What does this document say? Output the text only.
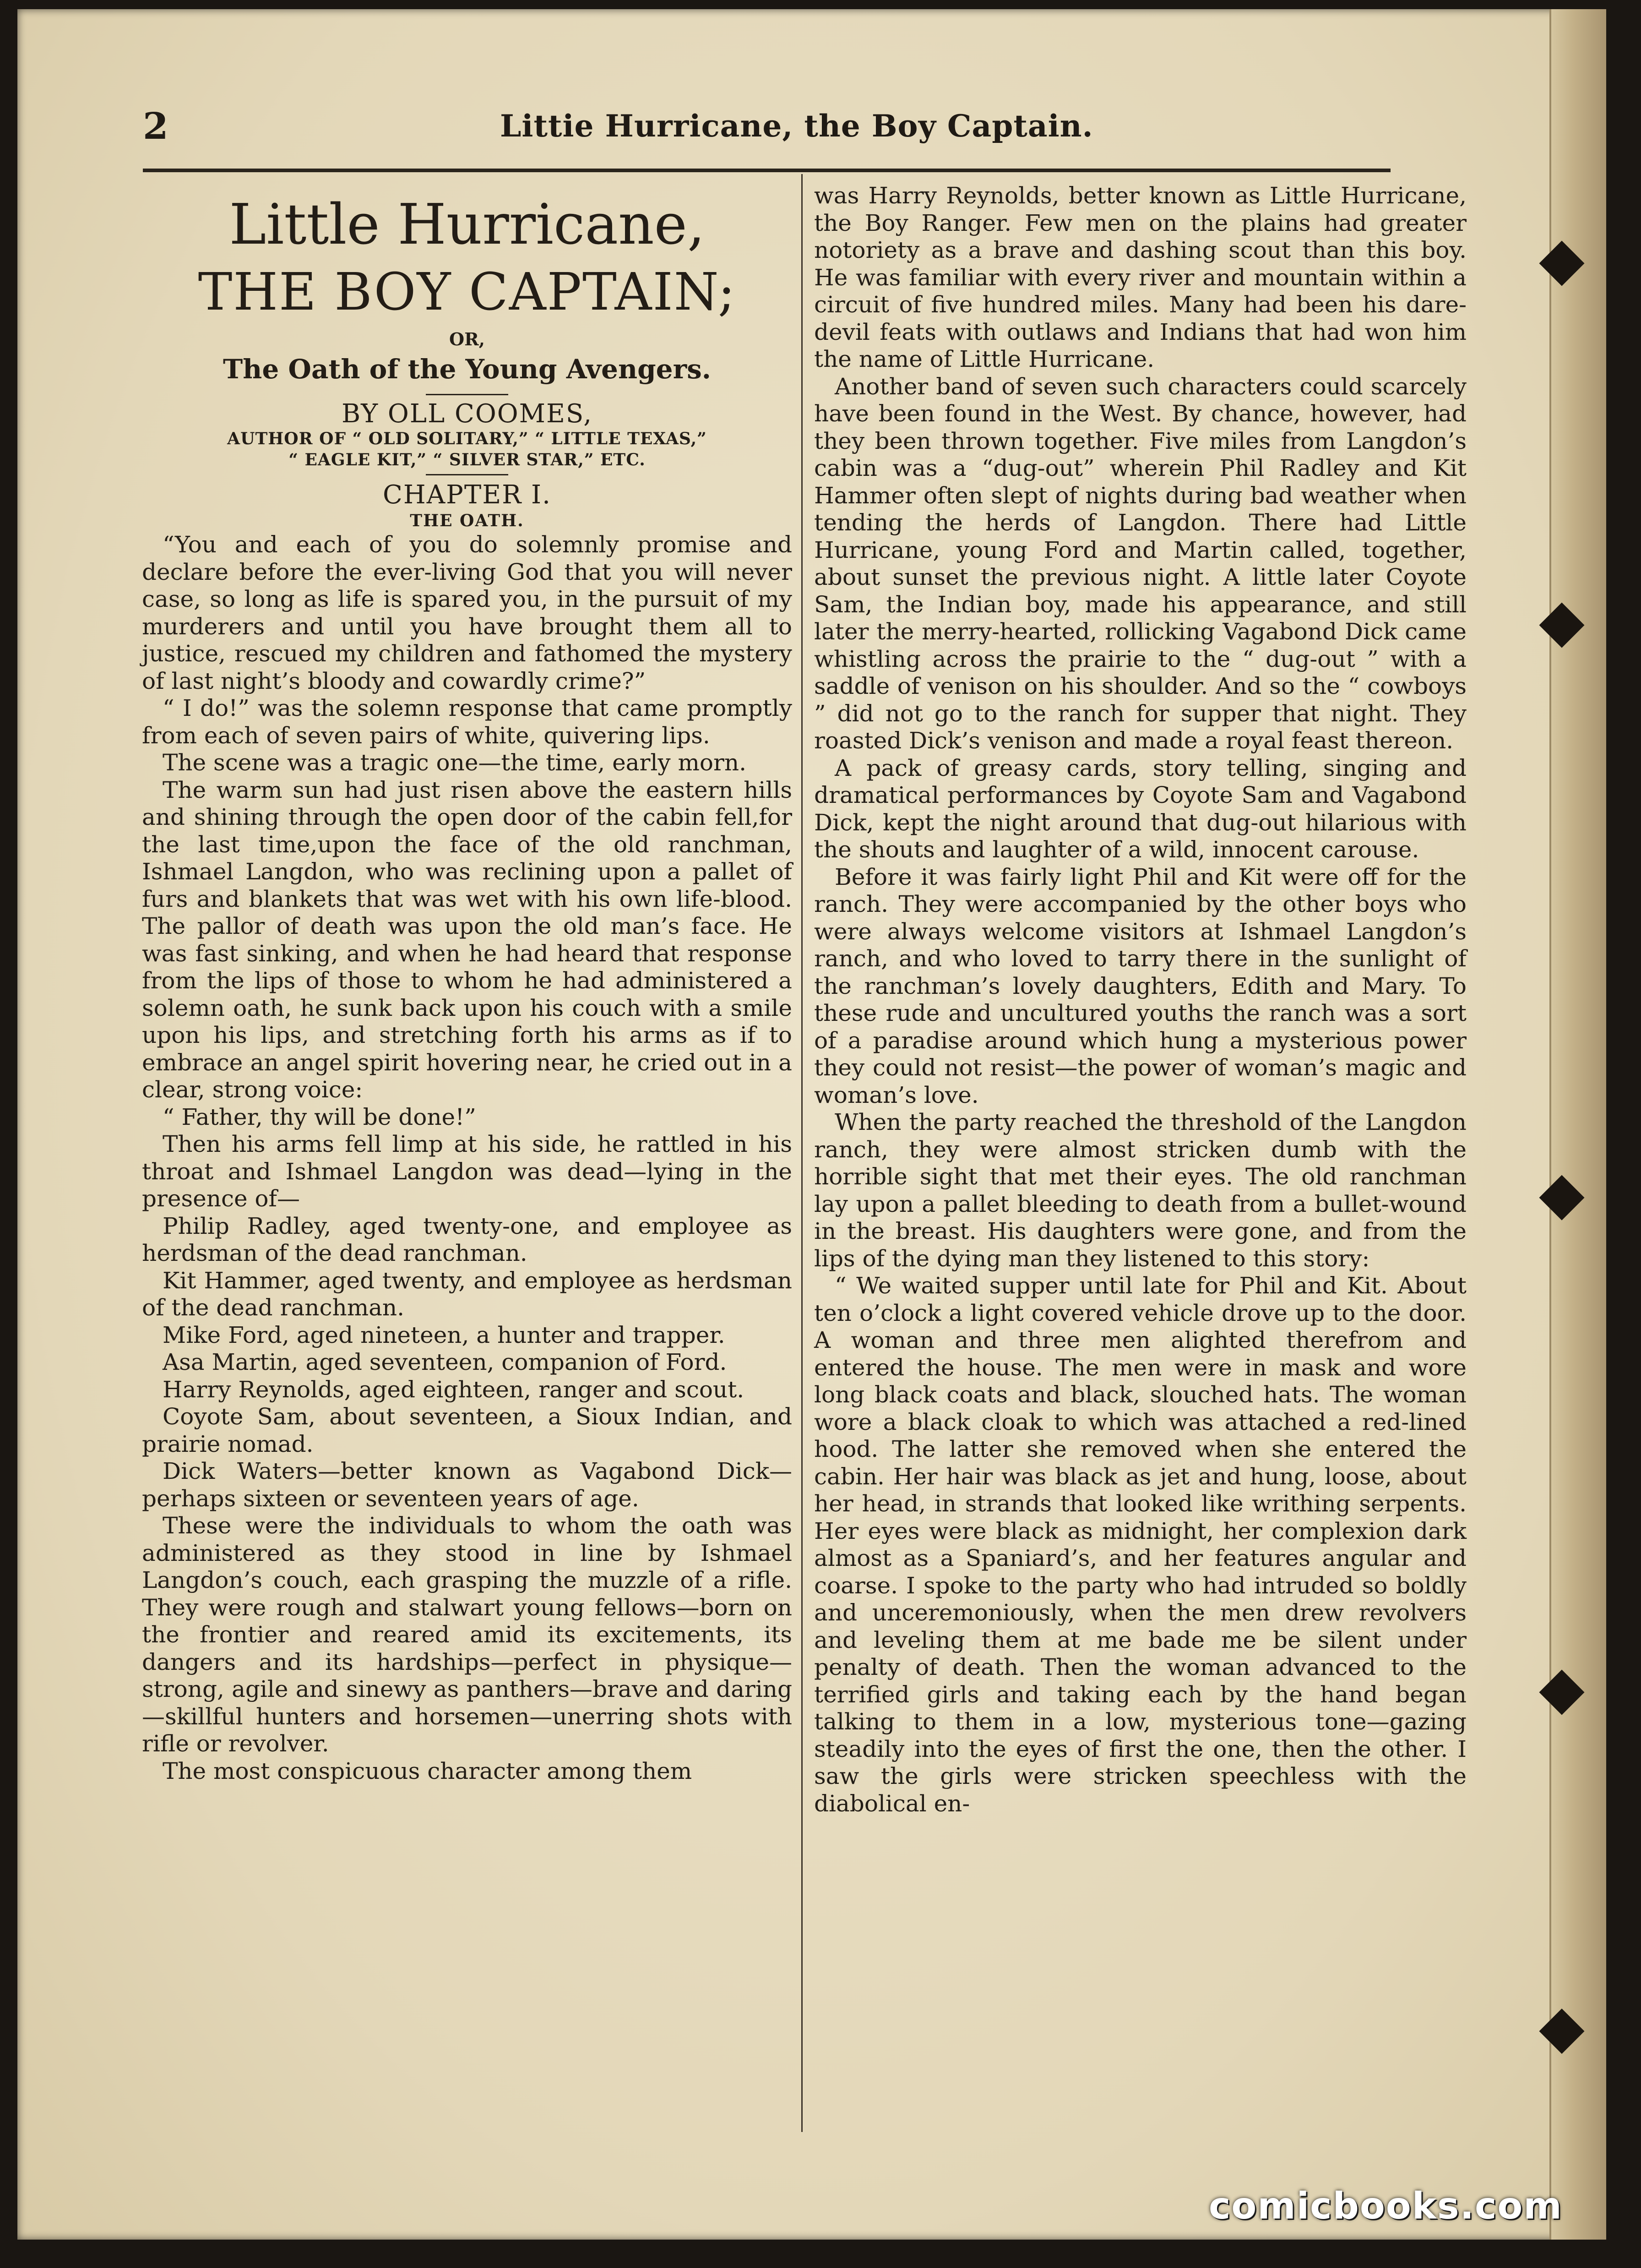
2	Littie Hurricane, the Boy Captain.
Little Hurricane,
THE BOY CAPTAIN;
OR,
The Oath of the Young Avengers.
BY OLL COOMES,
AUTHOR OF “ OLD SOLITARY,” “ LITTLE TEXAS,”
“ EAGLE KIT,” “ SILVER STAR,” ETC.
CHAPTER I.
THE OATH.

“You and each of you do solemnly promise and declare before the ever-living God that you will never case, so long as life is spared you, in the pursuit of my murderers and until you have brought them all to justice, rescued my children and fathomed the mystery of last night’s bloody and cowardly crime?”

“ I do!” was the solemn response that came promptly from each of seven pairs of white, quivering lips.

The scene was a tragic one—the time, early morn.

The warm sun had just risen above the eastern hills and shining through the open door of the cabin fell,for the last time,upon the face of the old ranchman, Ishmael Langdon, who was reclining upon a pallet of furs and blankets that was wet with his own life-blood. The pallor of death was upon the old man’s face. He was fast sinking, and when he had heard that response from the lips of those to whom he had administered a solemn oath, he sunk back upon his couch with a smile upon his lips, and stretching forth his arms as if to embrace an angel spirit hovering near, he cried out in a clear, strong voice:

“ Father, thy will be done!”

Then his arms fell limp at his side, he rattled in his throat and Ishmael Langdon was dead—lying in the presence of—

Philip Radley, aged twenty-one, and employee as herdsman of the dead ranchman.

Kit Hammer, aged twenty, and employee as herdsman of the dead ranchman.

Mike Ford, aged nineteen, a hunter and trapper.

Asa Martin, aged seventeen, companion of Ford.

Harry Reynolds, aged eighteen, ranger and scout.

Coyote Sam, about seventeen, a Sioux Indian, and prairie nomad.

Dick Waters—better known as Vagabond Dick—perhaps sixteen or seventeen years of age.

These were the individuals to whom the oath was administered as they stood in line by Ishmael Langdon’s couch, each grasping the muzzle of a rifle. They were rough and stalwart young fellows—born on the frontier and reared amid its excitements, its dangers and its hardships—perfect in physique—strong, agile and sinewy as panthers—brave and daring—skillful hunters and horsemen—unerring shots with rifle or revolver.

The most conspicuous character among them

was Harry Reynolds, better known as Little Hurricane, the Boy Ranger. Few men on the plains had greater notoriety as a brave and dashing scout than this boy. He was familiar with every river and mountain within a circuit of five hundred miles. Many had been his dare-devil feats with outlaws and Indians that had won him the name of Little Hurricane.

Another band of seven such characters could scarcely have been found in the West. By chance, however, had they been thrown together. Five miles from Langdon’s cabin was a “dug-out” wherein Phil Radley and Kit Hammer often slept of nights during bad weather when tending the herds of Langdon. There had Little Hurricane, young Ford and Martin called, together, about sunset the previous night. A little later Coyote Sam, the Indian boy, made his appearance, and still later the merry-hearted, rollicking Vagabond Dick came whistling across the prairie to the “ dug-out ” with a saddle of venison on his shoulder. And so the “ cowboys ” did not go to the ranch for supper that night. They roasted Dick’s venison and made a royal feast thereon.

A pack of greasy cards, story telling, singing and dramatical performances by Coyote Sam and Vagabond Dick, kept the night around that dug-out hilarious with the shouts and laughter of a wild, innocent carouse.

Before it was fairly light Phil and Kit were off for the ranch. They were accompanied by the other boys who were always welcome visitors at Ishmael Langdon’s ranch, and who loved to tarry there in the sunlight of the ranchman’s lovely daughters, Edith and Mary. To these rude and uncultured youths the ranch was a sort of a paradise around which hung a mysterious power they could not resist—the power of woman’s magic and woman’s love.

When the party reached the threshold of the Langdon ranch, they were almost stricken dumb with the horrible sight that met their eyes. The old ranchman lay upon a pallet bleeding to death from a bullet-wound in the breast. His daughters were gone, and from the lips of the dying man they listened to this story:

“ We waited supper until late for Phil and Kit. About ten o’clock a light covered vehicle drove up to the door. A woman and three men alighted therefrom and entered the house. The men were in mask and wore long black coats and black, slouched hats. The woman wore a black cloak to which was attached a red-lined hood. The latter she removed when she entered the cabin. Her hair was black as jet and hung, loose, about her head, in strands that looked like writhing serpents. Her eyes were black as midnight, her complexion dark almost as a Spaniard’s, and her features angular and coarse. I spoke to the party who had intruded so boldly and unceremoniously, when the men drew revolvers and leveling them at me bade me be silent under penalty of death. Then the woman advanced to the terrified girls and taking each by the hand began talking to them in a low, mysterious tone—gazing steadily into the eyes of first the one, then the other. I saw the girls were stricken speechless with the diabolical en-

comicbooks.com
